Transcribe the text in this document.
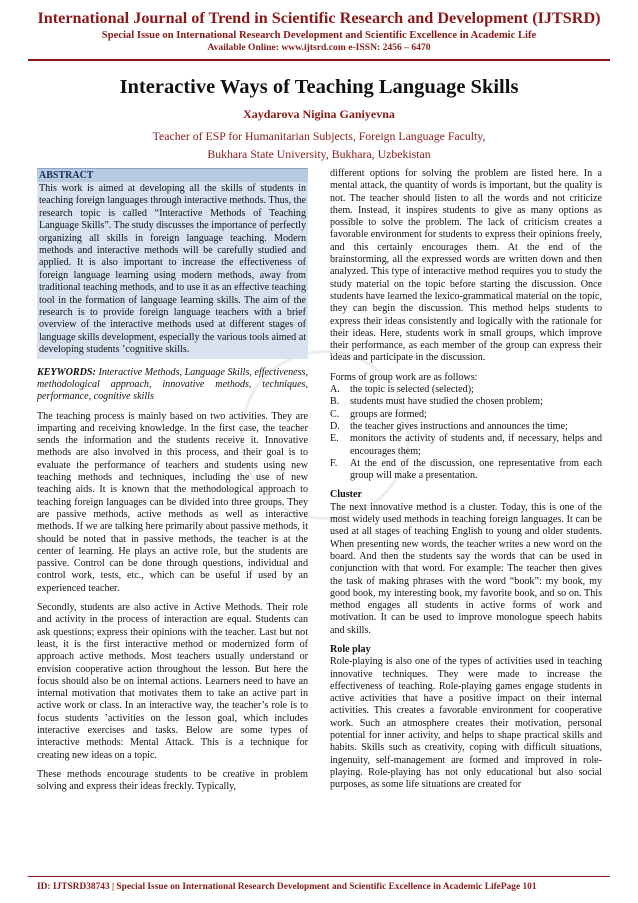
International Journal of Trend in Scientific Research and Development (IJTSRD)
Special Issue on International Research Development and Scientific Excellence in Academic Life
Available Online: www.ijtsrd.com e-ISSN: 2456 – 6470
Interactive Ways of Teaching Language Skills
Xaydarova Nigina Ganiyevna
Teacher of ESP for Humanitarian Subjects, Foreign Language Faculty,
Bukhara State University, Bukhara, Uzbekistan
ABSTRACT
This work is aimed at developing all the skills of students in teaching foreign languages through interactive methods. Thus, the research topic is called “Interactive Methods of Teaching Language Skills”. The study discusses the importance of perfectly organizing all skills in foreign language teaching. Modern methods and interactive methods will be carefully studied and applied. It is also important to increase the effectiveness of foreign language learning using modern methods, away from traditional teaching methods, and to use it as an effective teaching tool in the formation of language learning skills. The aim of the research is to provide foreign language teachers with a brief overview of the interactive methods used at different stages of language skills development, especially the various tools aimed at developing students ’cognitive skills.
KEYWORDS: Interactive Methods, Language Skills, effectiveness, methodological approach, innovative methods, techniques, performance, cognitive skills
The teaching process is mainly based on two activities. They are imparting and receiving knowledge. In the first case, the teacher sends the information and the students receive it. Innovative methods are also involved in this process, and their goal is to evaluate the performance of teachers and students using new teaching methods and techniques, including the use of new teaching aids. It is known that the methodological approach to teaching foreign languages can be divided into three groups. They are passive methods, active methods as well as interactive methods. If we are talking here primarily about passive methods, it should be noted that in passive methods, the teacher is at the center of learning. He plays an active role, but the students are passive. Control can be done through questions, individual and control work, tests, etc., which can be useful if used by an experienced teacher.
Secondly, students are also active in Active Methods. Their role and activity in the process of interaction are equal. Students can ask questions; express their opinions with the teacher. Last but not least, it is the first interactive method or modernized form of approach active methods. Most teachers usually understand or envision cooperative action throughout the lesson. But here the focus should also be on internal actions. Learners need to have an internal motivation that motivates them to take an active part in active work or class. In an interactive way, the teacher’s role is to focus students ’activities on the lesson goal, which includes interactive exercises and tasks. Below are some types of interactive methods: Mental Attack. This is a technique for creating new ideas on a topic.
These methods encourage students to be creative in problem solving and express their ideas freckly. Typically,
different options for solving the problem are listed here. In a mental attack, the quantity of words is important, but the quality is not. The teacher should listen to all the words and not criticize them. Instead, it inspires students to give as many options as possible to solve the problem. The lack of criticism creates a favorable environment for students to express their opinions freely, and this certainly encourages them. At the end of the brainstorming, all the expressed words are written down and then analyzed. This type of interactive method requires you to study the study material on the topic before starting the discussion. Once students have learned the lexico-grammatical material on the topic, they can begin the discussion. This method helps students to express their ideas consistently and logically with the rationale for their ideas. Here, students work in small groups, which improve their performance, as each member of the group can express their ideas and participate in the discussion.
Forms of group work are as follows:
A. the topic is selected (selected);
B. students must have studied the chosen problem;
C. groups are formed;
D. the teacher gives instructions and announces the time;
E. monitors the activity of students and, if necessary, helps and encourages them;
F. At the end of the discussion, one representative from each group will make a presentation.
Cluster
The next innovative method is a cluster. Today, this is one of the most widely used methods in teaching foreign languages. It can be used at all stages of teaching English to young and older students. When presenting new words, the teacher writes a new word on the board. And then the students say the words that can be used in conjunction with that word. For example: The teacher then gives the task of making phrases with the word “book”: my book, my good book, my interesting book, my favorite book, and so on. This method engages all students in active forms of work and motivation. It can be used to improve monologue speech habits and skills.
Role play
Role-playing is also one of the types of activities used in teaching innovative techniques. They were made to increase the effectiveness of teaching. Role-playing games engage students in active activities that have a positive impact on their internal activities. This creates a favorable environment for cooperative work. Such an atmosphere creates their motivation, personal potential for inner activity, and helps to shape practical skills and habits. Skills such as creativity, coping with difficult situations, ingenuity, self-management are formed and improved in role-playing. Role-playing has not only educational but also social purposes, as some life situations are created for
ID: IJTSRD38743 | Special Issue on International Research Development and Scientific Excellence in Academic LifePage 101
